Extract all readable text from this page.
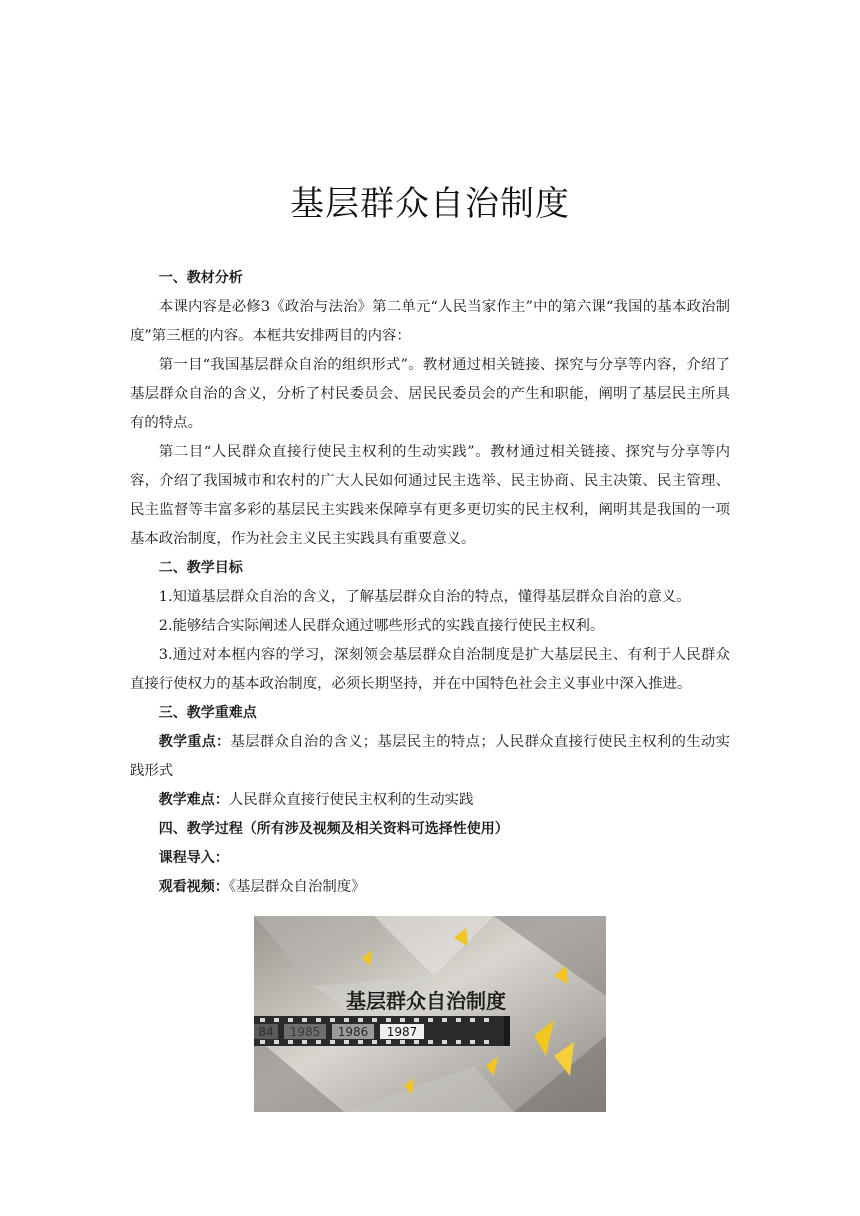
基层群众自治制度

一、教材分析

本课内容是必修3《政治与法治》第二单元“人民当家作主”中的第六课“我国的基本政治制度”第三框的内容。本框共安排两目的内容：

第一目“我国基层群众自治的组织形式”。教材通过相关链接、探究与分享等内容，介绍了基层群众自治的含义，分析了村民委员会、居民民委员会的产生和职能，阐明了基层民主所具有的特点。

第二目“人民群众直接行使民主权利的生动实践”。教材通过相关链接、探究与分享等内容，介绍了我国城市和农村的广大人民如何通过民主选举、民主协商、民主决策、民主管理、民主监督等丰富多彩的基层民主实践来保障享有更多更切实的民主权利，阐明其是我国的一项基本政治制度，作为社会主义民主实践具有重要意义。

二、教学目标

1.知道基层群众自治的含义，了解基层群众自治的特点，懂得基层群众自治的意义。

2.能够结合实际阐述人民群众通过哪些形式的实践直接行使民主权利。

3.通过对本框内容的学习，深刻领会基层群众自治制度是扩大基层民主、有利于人民群众直接行使权力的基本政治制度，必须长期坚持，并在中国特色社会主义事业中深入推进。

三、教学重难点

教学重点：基层群众自治的含义；基层民主的特点；人民群众直接行使民主权利的生动实践形式

教学难点：人民群众直接行使民主权利的生动实践

四、教学过程（所有涉及视频及相关资料可选择性使用）

课程导入：

观看视频：《基层群众自治制度》

84 1985 1986 1987
基层群众自治制度
